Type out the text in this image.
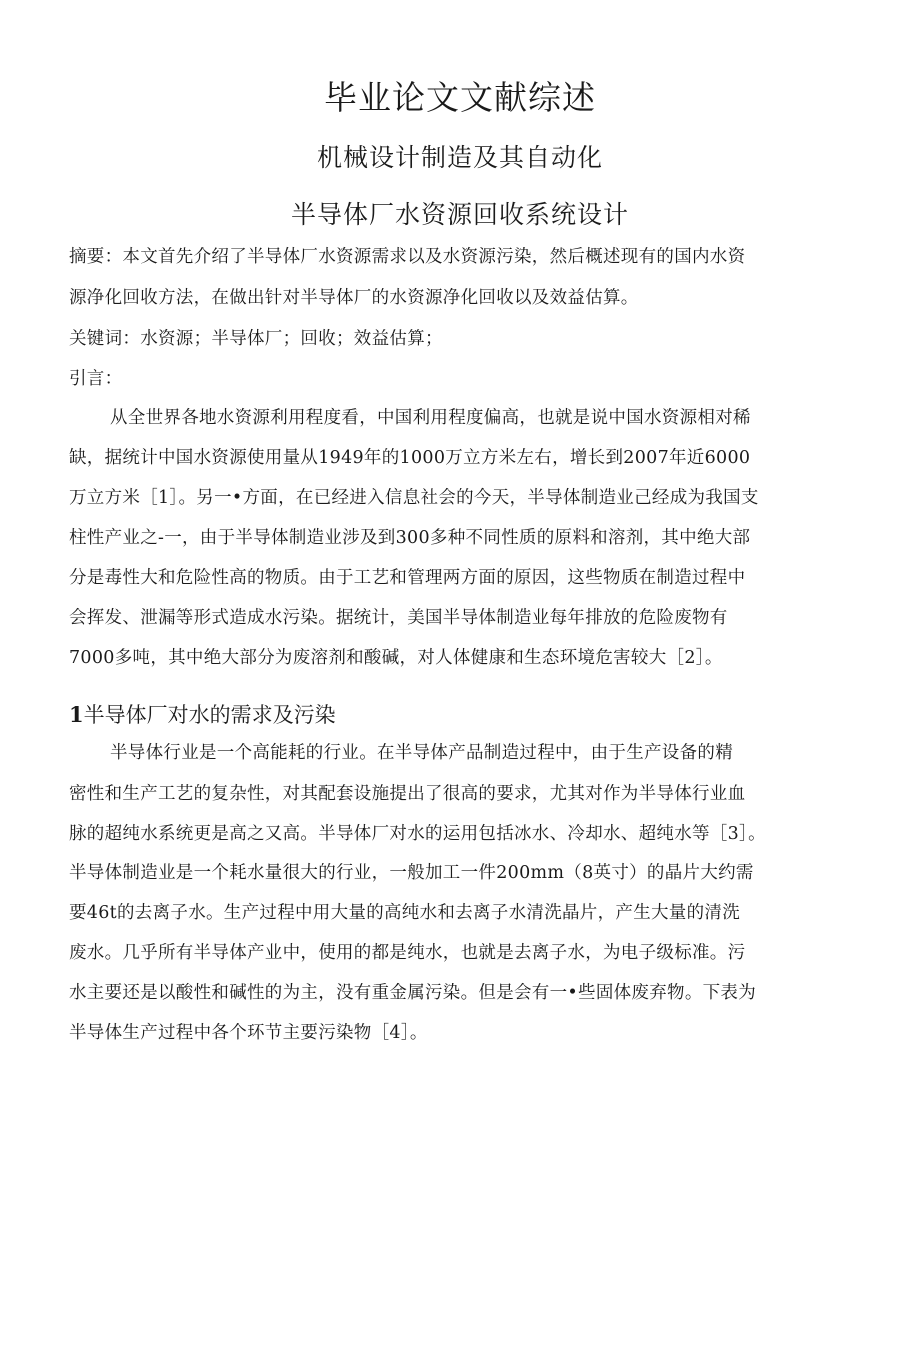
毕业论文文献综述
机械设计制造及其自动化
半导体厂水资源回收系统设计
摘要：本文首先介绍了半导体厂水资源需求以及水资源污染，然后概述现有的国内水资
源净化回收方法，在做出针对半导体厂的水资源净化回收以及效益估算。
关键词：水资源；半导体厂；回收；效益估算；
引言：
从全世界各地水资源利用程度看，中国利用程度偏高，也就是说中国水资源相对稀
缺，据统计中国水资源使用量从1949年的1000万立方米左右，增长到2007年近6000
万立方米［1］。另一•方面，在已经进入信息社会的今天，半导体制造业己经成为我国支
柱性产业之-一，由于半导体制造业涉及到300多种不同性质的原料和溶剂，其中绝大部
分是毒性大和危险性高的物质。由于工艺和管理两方面的原因，这些物质在制造过程中
会挥发、泄漏等形式造成水污染。据统计，美国半导体制造业每年排放的危险废物有
7000多吨，其中绝大部分为废溶剂和酸碱，对人体健康和生态环境危害较大［2］。
1半导体厂对水的需求及污染
半导体行业是一个高能耗的行业。在半导体产品制造过程中，由于生产设备的精
密性和生产工艺的复杂性，对其配套设施提出了很高的要求，尤其对作为半导体行业血
脉的超纯水系统更是高之又高。半导体厂对水的运用包括冰水、冷却水、超纯水等［3］。
半导体制造业是一个耗水量很大的行业，一般加工一件200mm（8英寸）的晶片大约需
要46t的去离子水。生产过程中用大量的高纯水和去离子水清洗晶片，产生大量的清洗
废水。几乎所有半导体产业中，使用的都是纯水，也就是去离子水，为电子级标准。污
水主要还是以酸性和碱性的为主，没有重金属污染。但是会有一•些固体废弃物。下表为
半导体生产过程中各个环节主要污染物［4］。
